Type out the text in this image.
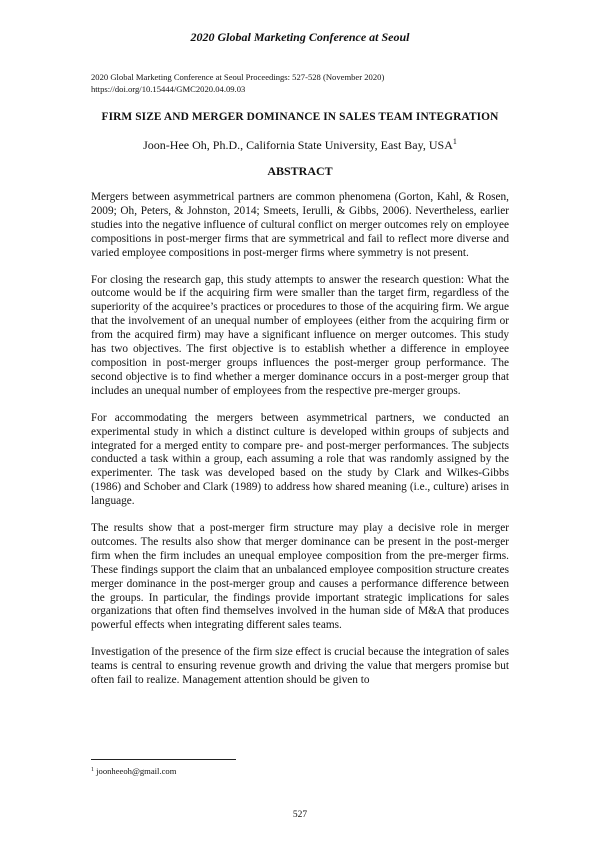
2020 Global Marketing Conference at Seoul
2020 Global Marketing Conference at Seoul Proceedings: 527-528 (November 2020)
https://doi.org/10.15444/GMC2020.04.09.03
FIRM SIZE AND MERGER DOMINANCE IN SALES TEAM INTEGRATION
Joon-Hee Oh, Ph.D., California State University, East Bay, USA$^1$
ABSTRACT

Mergers between asymmetrical partners are common phenomena (Gorton, Kahl, & Rosen, 2009; Oh, Peters, & Johnston, 2014; Smeets, Ierulli, & Gibbs, 2006). Nevertheless, earlier studies into the negative influence of cultural conflict on merger outcomes rely on employee compositions in post-merger firms that are symmetrical and fail to reflect more diverse and varied employee compositions in post-merger firms where symmetry is not present.

For closing the research gap, this study attempts to answer the research question: What the outcome would be if the acquiring firm were smaller than the target firm, regardless of the superiority of the acquiree’s practices or procedures to those of the acquiring firm. We argue that the involvement of an unequal number of employees (either from the acquiring firm or from the acquired firm) may have a significant influence on merger outcomes. This study has two objectives. The first objective is to establish whether a difference in employee composition in post-merger groups influences the post-merger group performance. The second objective is to find whether a merger dominance occurs in a post-merger group that includes an unequal number of employees from the respective pre-merger groups.

For accommodating the mergers between asymmetrical partners, we conducted an experimental study in which a distinct culture is developed within groups of subjects and integrated for a merged entity to compare pre- and post-merger performances. The subjects conducted a task within a group, each assuming a role that was randomly assigned by the experimenter. The task was developed based on the study by Clark and Wilkes-Gibbs (1986) and Schober and Clark (1989) to address how shared meaning (i.e., culture) arises in language.

The results show that a post-merger firm structure may play a decisive role in merger outcomes. The results also show that merger dominance can be present in the post-merger firm when the firm includes an unequal employee composition from the pre-merger firms. These findings support the claim that an unbalanced employee composition structure creates merger dominance in the post-merger group and causes a performance difference between the groups. In particular, the findings provide important strategic implications for sales organizations that often find themselves involved in the human side of M&A that produces powerful effects when integrating different sales teams.

Investigation of the presence of the firm size effect is crucial because the integration of sales teams is central to ensuring revenue growth and driving the value that mergers promise but often fail to realize. Management attention should be given to

$^1$ joonheeoh@gmail.com
527
